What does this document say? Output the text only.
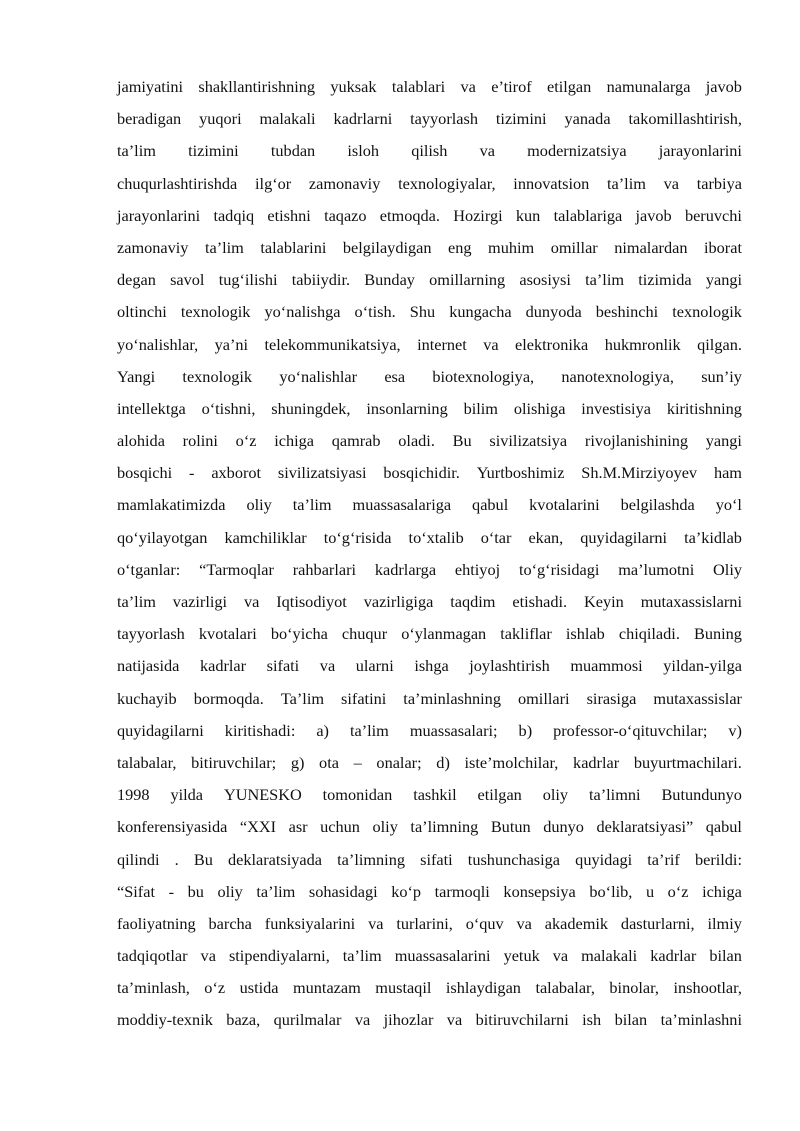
jamiyatini shakllantirishning yuksak talablari va e’tirof etilgan namunalarga javob
beradigan yuqori malakali kadrlarni tayyorlash tizimini yanada takomillashtirish,
ta’lim tizimini tubdan isloh qilish va modernizatsiya jarayonlarini
chuqurlashtirishda ilg‘or zamonaviy texnologiyalar, innovatsion ta’lim va tarbiya
jarayonlarini tadqiq etishni taqazo etmoqda. Hozirgi kun talablariga javob beruvchi
zamonaviy ta’lim talablarini belgilaydigan eng muhim omillar nimalardan iborat
degan savol tug‘ilishi tabiiydir. Bunday omillarning asosiysi ta’lim tizimida yangi
oltinchi texnologik yo‘nalishga o‘tish. Shu kungacha dunyoda beshinchi texnologik
yo‘nalishlar, ya’ni telekommunikatsiya, internet va elektronika hukmronlik qilgan.
Yangi texnologik yo‘nalishlar esa biotexnologiya, nanotexnologiya, sun’iy
intellektga o‘tishni, shuningdek, insonlarning bilim olishiga investisiya kiritishning
alohida rolini o‘z ichiga qamrab oladi. Bu sivilizatsiya rivojlanishining yangi
bosqichi - axborot sivilizatsiyasi bosqichidir. Yurtboshimiz Sh.M.Mirziyoyev ham
mamlakatimizda oliy ta’lim muassasalariga qabul kvotalarini belgilashda yo‘l
qo‘yilayotgan kamchiliklar to‘g‘risida to‘xtalib o‘tar ekan, quyidagilarni ta’kidlab
o‘tganlar: “Tarmoqlar rahbarlari kadrlarga ehtiyoj to‘g‘risidagi ma’lumotni Oliy
ta’lim vazirligi va Iqtisodiyot vazirligiga taqdim etishadi. Keyin mutaxassislarni
tayyorlash kvotalari bo‘yicha chuqur o‘ylanmagan takliflar ishlab chiqiladi. Buning
natijasida kadrlar sifati va ularni ishga joylashtirish muammosi yildan-yilga
kuchayib bormoqda. Ta’lim sifatini ta’minlashning omillari sirasiga mutaxassislar
quyidagilarni kiritishadi: a) ta’lim muassasalari; b) professor-o‘qituvchilar; v)
talabalar, bitiruvchilar; g) ota – onalar; d) iste’molchilar, kadrlar buyurtmachilari.
1998 yilda YUNESKO tomonidan tashkil etilgan oliy ta’limni Butundunyo
konferensiyasida “XXI asr uchun oliy ta’limning Butun dunyo deklaratsiyasi” qabul
qilindi . Bu deklaratsiyada ta’limning sifati tushunchasiga quyidagi ta’rif berildi:
“Sifat - bu oliy ta’lim sohasidagi ko‘p tarmoqli konsepsiya bo‘lib, u o‘z ichiga
faoliyatning barcha funksiyalarini va turlarini, o‘quv va akademik dasturlarni, ilmiy
tadqiqotlar va stipendiyalarni, ta’lim muassasalarini yetuk va malakali kadrlar bilan
ta’minlash, o‘z ustida muntazam mustaqil ishlaydigan talabalar, binolar, inshootlar,
moddiy-texnik baza, qurilmalar va jihozlar va bitiruvchilarni ish bilan ta’minlashni
